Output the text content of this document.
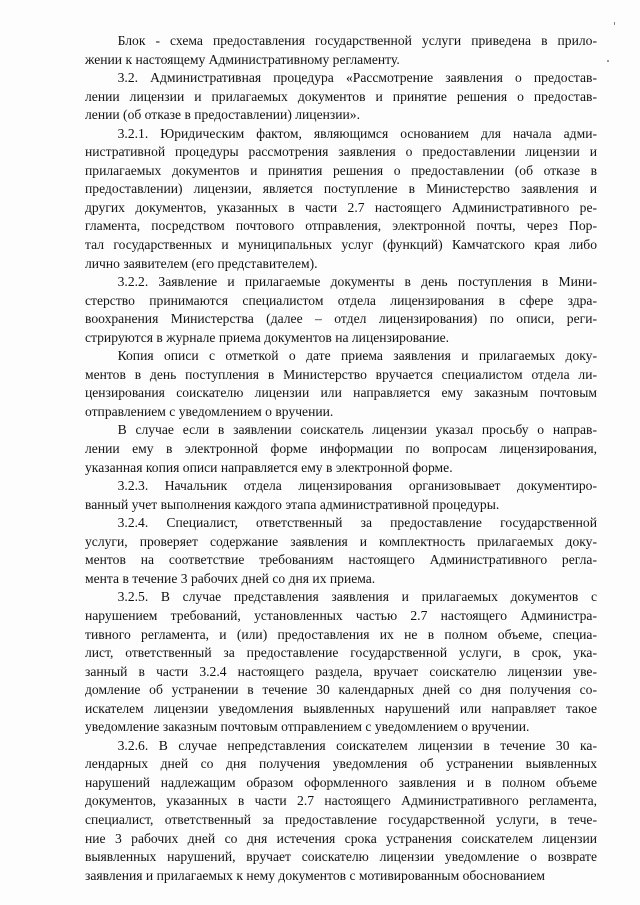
Блок - схема предоставления государственной услуги приведена в прило-
жении к настоящему Административному регламенту.
3.2. Административная процедура «Рассмотрение заявления о предостав-
лении лицензии и прилагаемых документов и принятие решения о предостав-
лении (об отказе в предоставлении) лицензии».
3.2.1. Юридическим фактом, являющимся основанием для начала адми-
нистративной процедуры рассмотрения заявления о предоставлении лицензии и
прилагаемых документов и принятия решения о предоставлении (об отказе в
предоставлении) лицензии, является поступление в Министерство заявления и
других документов, указанных в части 2.7 настоящего Административного ре-
гламента, посредством почтового отправления, электронной почты, через Пор-
тал государственных и муниципальных услуг (функций) Камчатского края либо
лично заявителем (его представителем).
3.2.2. Заявление и прилагаемые документы в день поступления в Мини-
стерство принимаются специалистом отдела лицензирования в сфере здра-
воохранения Министерства (далее – отдел лицензирования) по описи, реги-
стрируются в журнале приема документов на лицензирование.
Копия описи с отметкой о дате приема заявления и прилагаемых доку-
ментов в день поступления в Министерство вручается специалистом отдела ли-
цензирования соискателю лицензии или направляется ему заказным почтовым
отправлением с уведомлением о вручении.
В случае если в заявлении соискатель лицензии указал просьбу о направ-
лении ему в электронной форме информации по вопросам лицензирования,
указанная копия описи направляется ему в электронной форме.
3.2.3. Начальник отдела лицензирования организовывает документиро-
ванный учет выполнения каждого этапа административной процедуры.
3.2.4. Специалист, ответственный за предоставление государственной
услуги, проверяет содержание заявления и комплектность прилагаемых доку-
ментов на соответствие требованиям настоящего Административного регла-
мента в течение 3 рабочих дней со дня их приема.
3.2.5. В случае представления заявления и прилагаемых документов с
нарушением требований, установленных частью 2.7 настоящего Администра-
тивного регламента, и (или) предоставления их не в полном объеме, специа-
лист, ответственный за предоставление государственной услуги, в срок, ука-
занный в части 3.2.4 настоящего раздела, вручает соискателю лицензии уве-
домление об устранении в течение 30 календарных дней со дня получения со-
искателем лицензии уведомления выявленных нарушений или направляет такое
уведомление заказным почтовым отправлением с уведомлением о вручении.
3.2.6. В случае непредставления соискателем лицензии в течение 30 ка-
лендарных дней со дня получения уведомления об устранении выявленных
нарушений надлежащим образом оформленного заявления и в полном объеме
документов, указанных в части 2.7 настоящего Административного регламента,
специалист, ответственный за предоставление государственной услуги, в тече-
ние 3 рабочих дней со дня истечения срока устранения соискателем лицензии
выявленных нарушений, вручает соискателю лицензии уведомление о возврате
заявления и прилагаемых к нему документов с мотивированным обоснованием
